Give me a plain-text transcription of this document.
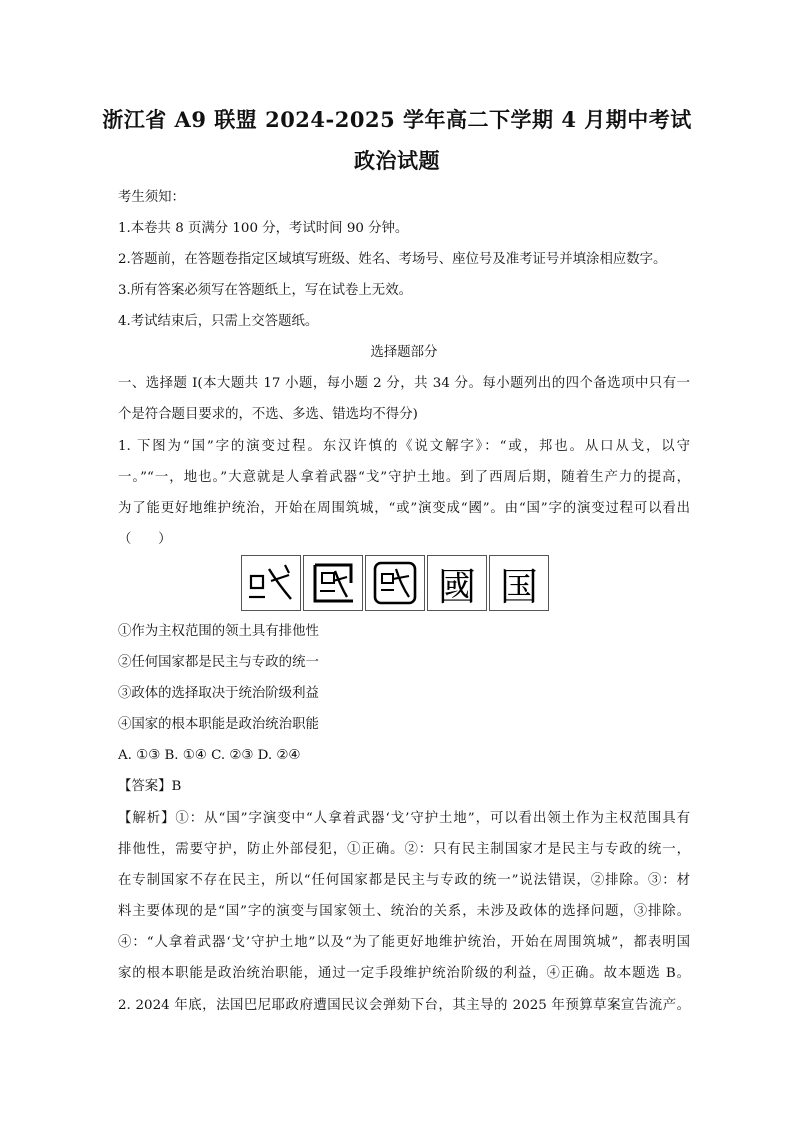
浙江省 A9 联盟 2024-2025 学年高二下学期 4 月期中考试
政治试题
考生须知：
1.本卷共 8 页满分 100 分，考试时间 90 分钟。
2.答题前，在答题卷指定区域填写班级、姓名、考场号、座位号及准考证号并填涂相应数字。
3.所有答案必须写在答题纸上，写在试卷上无效。
4.考试结束后，只需上交答题纸。
选择题部分
一、选择题 I(本大题共 17 小题，每小题 2 分，共 34 分。每小题列出的四个备选项中只有一
个是符合题目要求的，不选、多选、错选均不得分)
1. 下图为“国”字的演变过程。东汉许慎的《说文解字》：“或，邦也。从口从戈，以守
一。”“一，地也。”大意就是人拿着武器“戈”守护土地。到了西周后期，随着生产力的提高，
为了能更好地维护统治，开始在周围筑城，“或”演变成“國”。由“国”字的演变过程可以看出
（　　）
國 国
①作为主权范围的领土具有排他性
②任何国家都是民主与专政的统一
③政体的选择取决于统治阶级利益
④国家的根本职能是政治统治职能
A. ①③ B. ①④ C. ②③ D. ②④
【答案】B
【解析】①：从“国”字演变中“人拿着武器‘戈’守护土地”，可以看出领土作为主权范围具有
排他性，需要守护，防止外部侵犯，①正确。②：只有民主制国家才是民主与专政的统一，
在专制国家不存在民主，所以“任何国家都是民主与专政的统一”说法错误，②排除。③：材
料主要体现的是“国”字的演变与国家领土、统治的关系，未涉及政体的选择问题，③排除。
④：“人拿着武器‘戈’守护土地”以及“为了能更好地维护统治，开始在周围筑城”，都表明国
家的根本职能是政治统治职能，通过一定手段维护统治阶级的利益，④正确。故本题选 B。
2. 2024 年底，法国巴尼耶政府遭国民议会弹劾下台，其主导的 2025 年预算草案宣告流产。
